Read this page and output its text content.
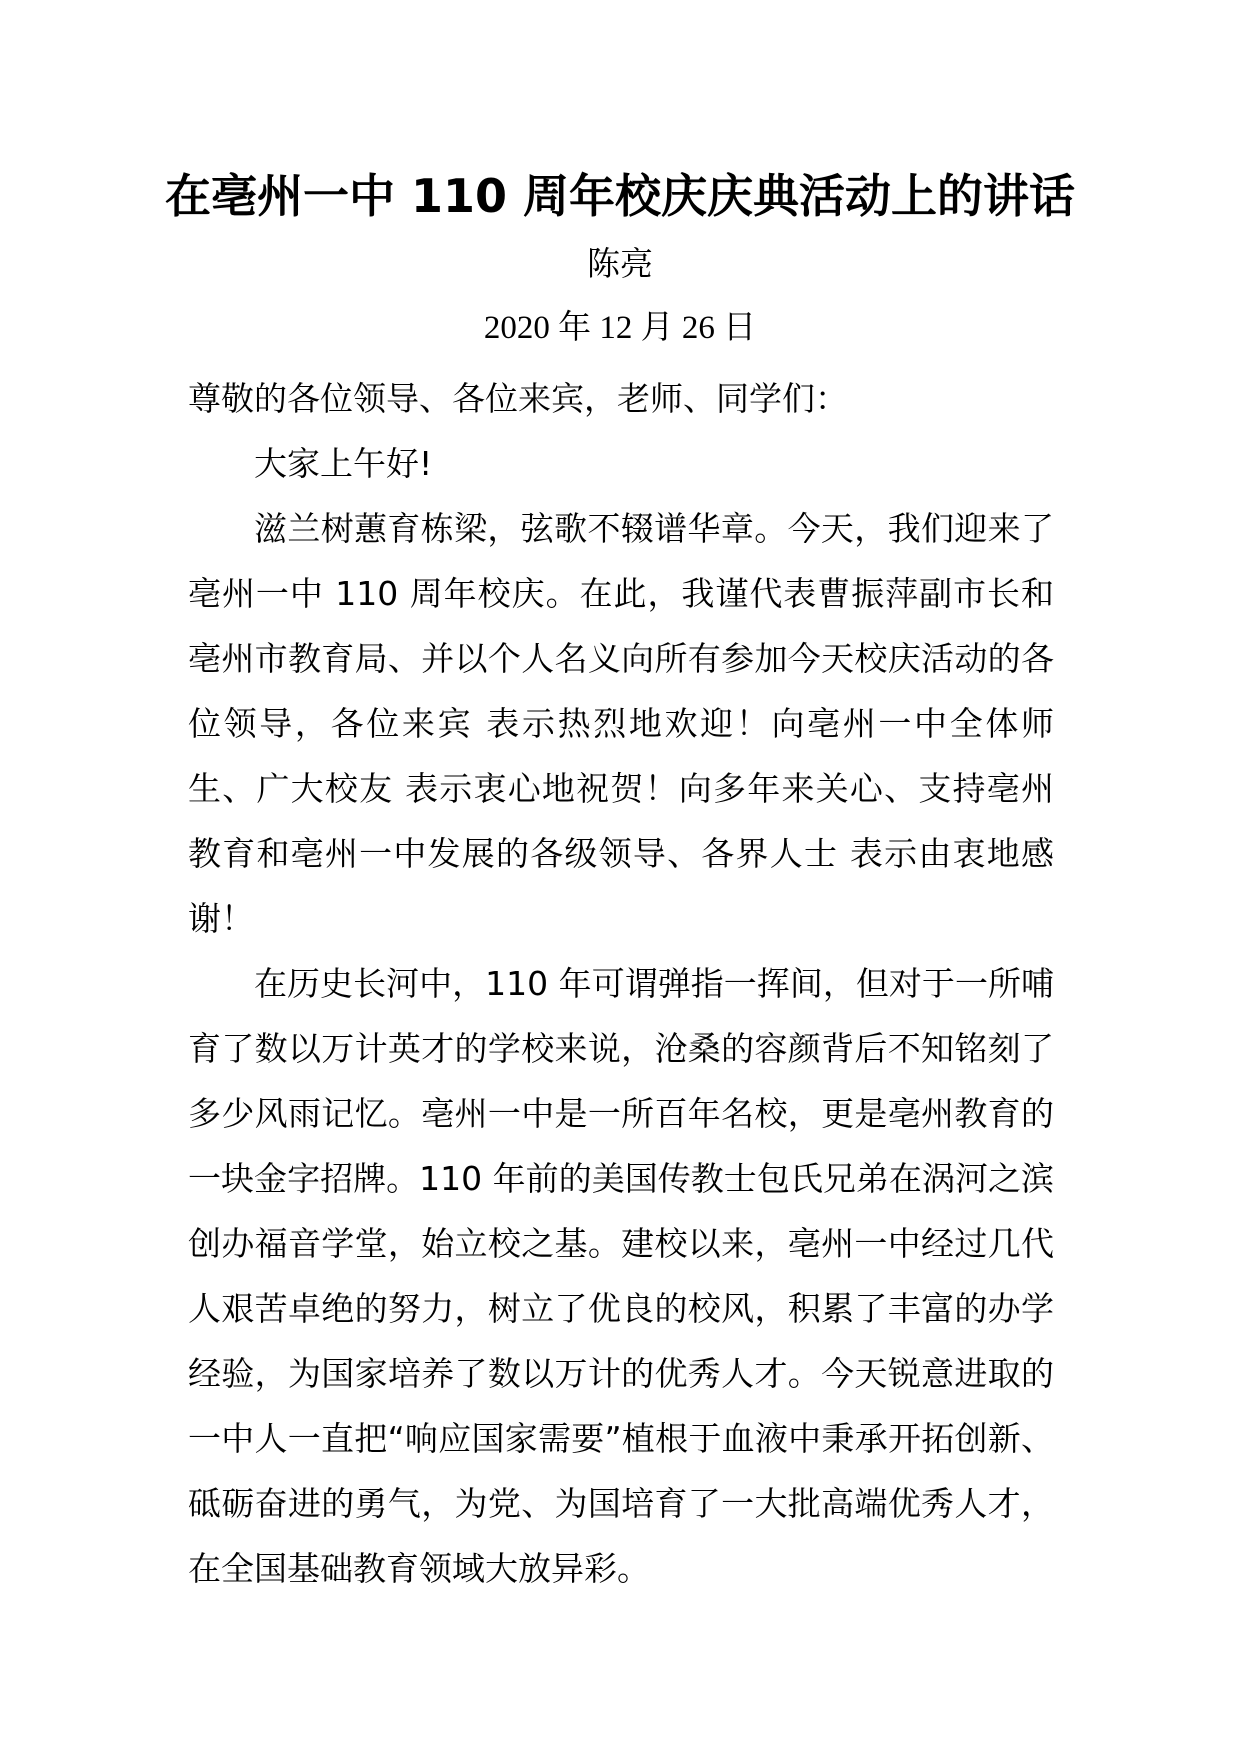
在亳州一中 110 周年校庆庆典活动上的讲话
陈亮
2020 年 12 月 26 日

尊敬的各位领导、各位来宾，老师、同学们：

大家上午好!

滋兰树蕙育栋梁，弦歌不辍谱华章。今天，我们迎来了亳州一中 110 周年校庆。在此，我谨代表曹振萍副市长和亳州市教育局、并以个人名义向所有参加今天校庆活动的各位领导，各位来宾 表示热烈地欢迎！向亳州一中全体师生、广大校友 表示衷心地祝贺！向多年来关心、支持亳州教育和亳州一中发展的各级领导、各界人士 表示由衷地感谢！

在历史长河中，110 年可谓弹指一挥间，但对于一所哺育了数以万计英才的学校来说，沧桑的容颜背后不知铭刻了多少风雨记忆。亳州一中是一所百年名校，更是亳州教育的一块金字招牌。110 年前的美国传教士包氏兄弟在涡河之滨创办福音学堂，始立校之基。建校以来，亳州一中经过几代人艰苦卓绝的努力，树立了优良的校风，积累了丰富的办学经验，为国家培养了数以万计的优秀人才。今天锐意进取的一中人一直把“响应国家需要”植根于血液中秉承开拓创新、砥砺奋进的勇气，为党、为国培育了一大批高端优秀人才，在全国基础教育领域大放异彩。
